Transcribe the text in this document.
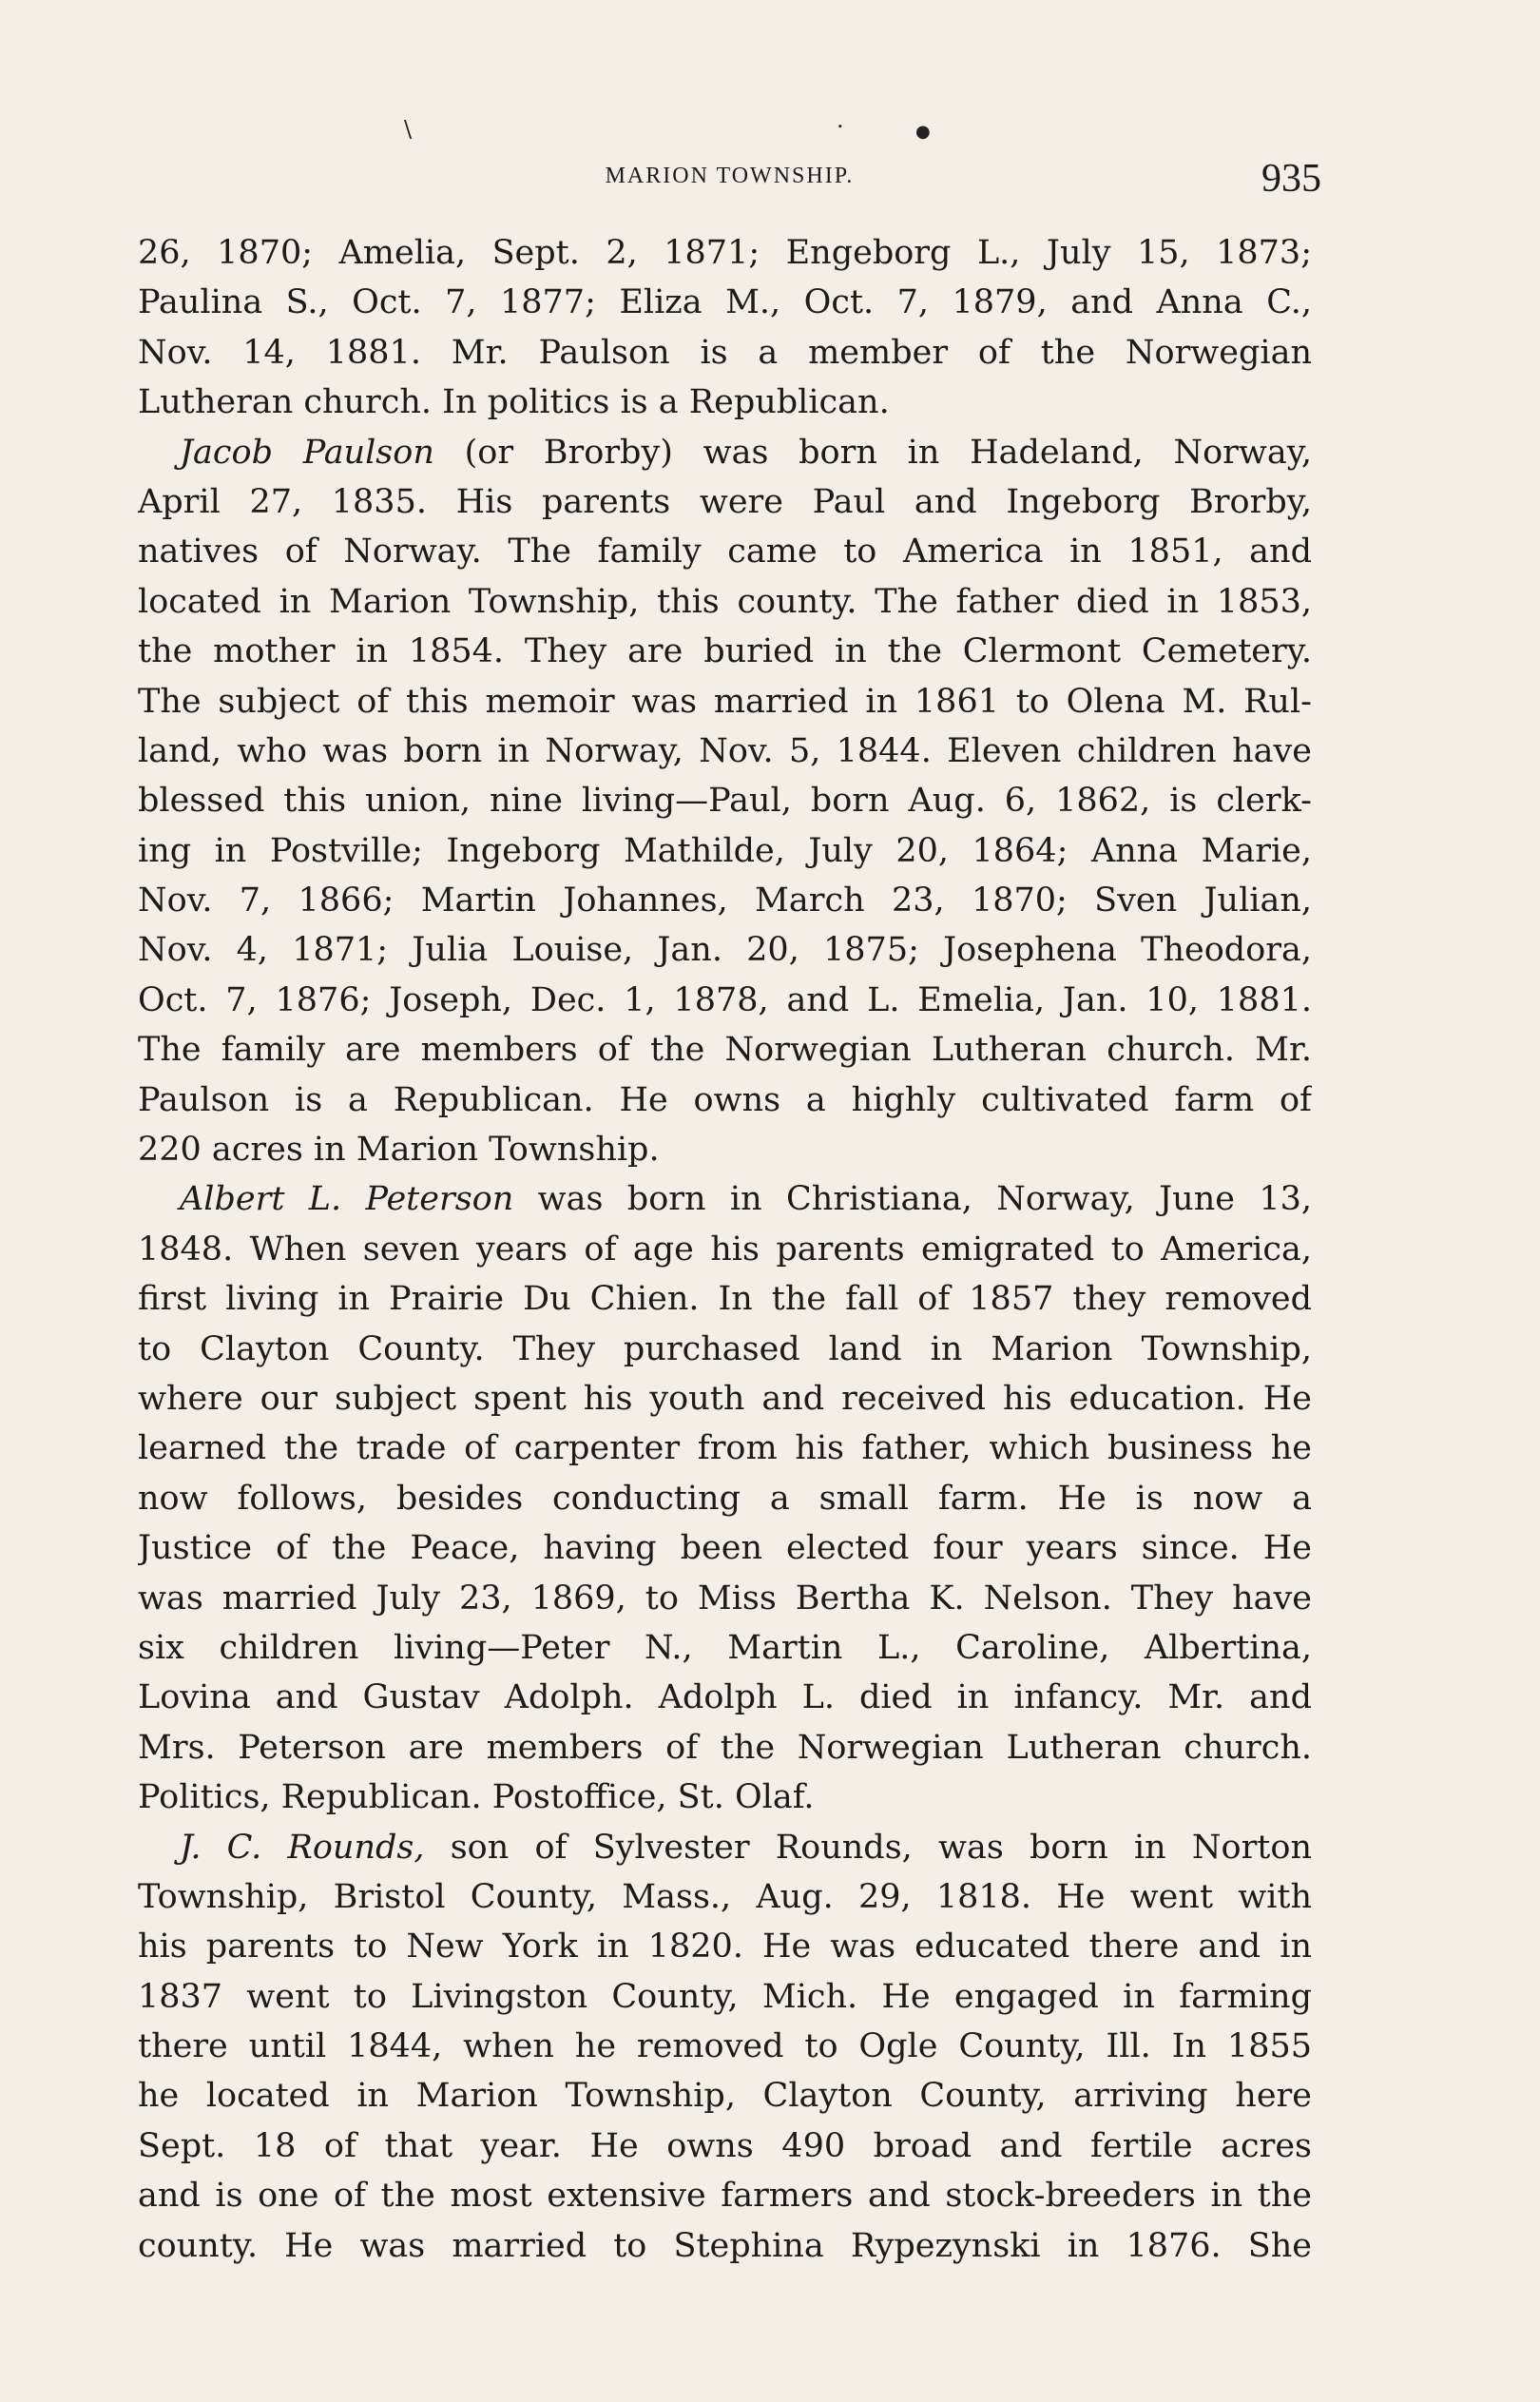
\	.	●
MARION TOWNSHIP.	935
26, 1870; Amelia, Sept. 2, 1871; Engeborg L., July 15, 1873;
Paulina S., Oct. 7, 1877; Eliza M., Oct. 7, 1879, and Anna C.,
Nov. 14, 1881. Mr. Paulson is a member of the Norwegian
Lutheran church. In politics is a Republican.
Jacob Paulson (or Brorby) was born in Hadeland, Norway,
April 27, 1835. His parents were Paul and Ingeborg Brorby,
natives of Norway. The family came to America in 1851, and
located in Marion Township, this county. The father died in 1853,
the mother in 1854. They are buried in the Clermont Cemetery.
The subject of this memoir was married in 1861 to Olena M. Rul-
land, who was born in Norway, Nov. 5, 1844. Eleven children have
blessed this union, nine living—Paul, born Aug. 6, 1862, is clerk-
ing in Postville; Ingeborg Mathilde, July 20, 1864; Anna Marie,
Nov. 7, 1866; Martin Johannes, March 23, 1870; Sven Julian,
Nov. 4, 1871; Julia Louise, Jan. 20, 1875; Josephena Theodora,
Oct. 7, 1876; Joseph, Dec. 1, 1878, and L. Emelia, Jan. 10, 1881.
The family are members of the Norwegian Lutheran church. Mr.
Paulson is a Republican. He owns a highly cultivated farm of
220 acres in Marion Township.
Albert L. Peterson was born in Christiana, Norway, June 13,
1848. When seven years of age his parents emigrated to America,
first living in Prairie Du Chien. In the fall of 1857 they removed
to Clayton County. They purchased land in Marion Township,
where our subject spent his youth and received his education. He
learned the trade of carpenter from his father, which business he
now follows, besides conducting a small farm. He is now a
Justice of the Peace, having been elected four years since. He
was married July 23, 1869, to Miss Bertha K. Nelson. They have
six children living—Peter N., Martin L., Caroline, Albertina,
Lovina and Gustav Adolph. Adolph L. died in infancy. Mr. and
Mrs. Peterson are members of the Norwegian Lutheran church.
Politics, Republican. Postoffice, St. Olaf.
J. C. Rounds, son of Sylvester Rounds, was born in Norton
Township, Bristol County, Mass., Aug. 29, 1818. He went with
his parents to New York in 1820. He was educated there and in
1837 went to Livingston County, Mich. He engaged in farming
there until 1844, when he removed to Ogle County, Ill. In 1855
he located in Marion Township, Clayton County, arriving here
Sept. 18 of that year. He owns 490 broad and fertile acres
and is one of the most extensive farmers and stock-breeders in the
county. He was married to Stephina Rypezynski in 1876. She
